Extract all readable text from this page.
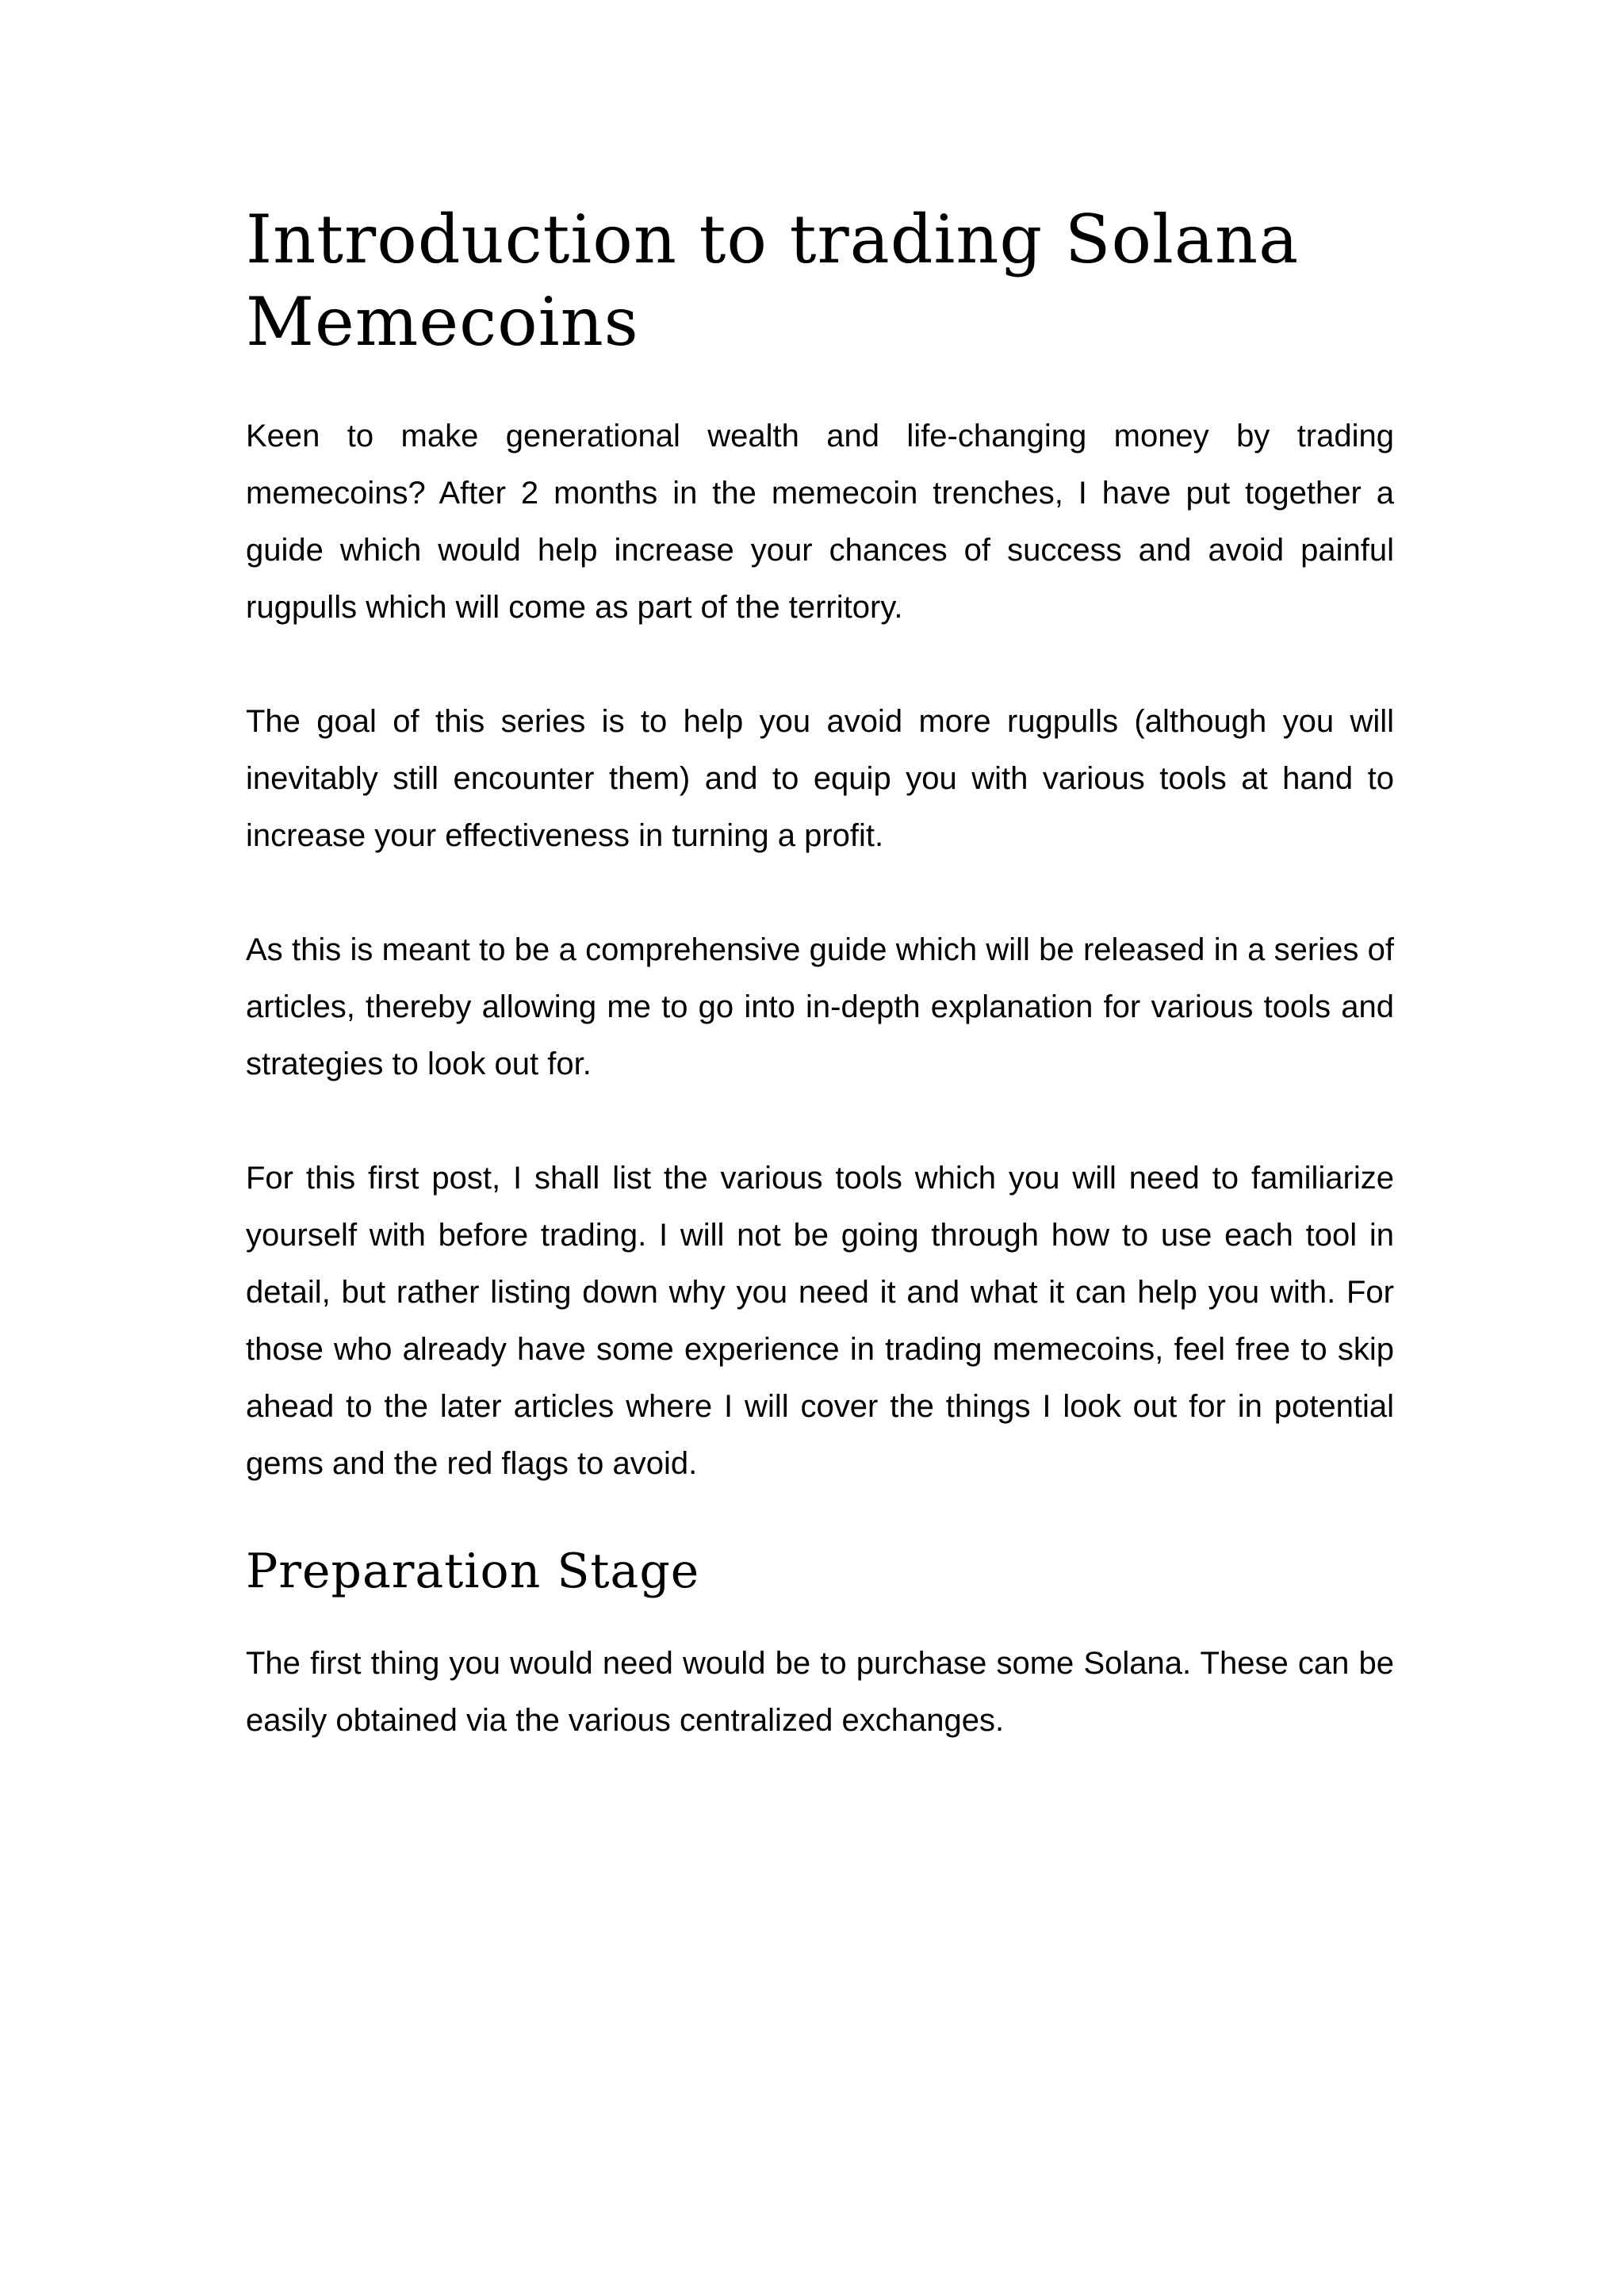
Introduction to trading Solana Memecoins

Keen to make generational wealth and life-changing money by trading memecoins? After 2 months in the memecoin trenches, I have put together a guide which would help increase your chances of success and avoid painful rugpulls which will come as part of the territory.

The goal of this series is to help you avoid more rugpulls (although you will inevitably still encounter them) and to equip you with various tools at hand to increase your effectiveness in turning a profit.

As this is meant to be a comprehensive guide which will be released in a series of articles, thereby allowing me to go into in-depth explanation for various tools and strategies to look out for.

For this first post, I shall list the various tools which you will need to familiarize yourself with before trading. I will not be going through how to use each tool in detail, but rather listing down why you need it and what it can help you with. For those who already have some experience in trading memecoins, feel free to skip ahead to the later articles where I will cover the things I look out for in potential gems and the red flags to avoid.

Preparation Stage

The first thing you would need would be to purchase some Solana. These can be easily obtained via the various centralized exchanges.
